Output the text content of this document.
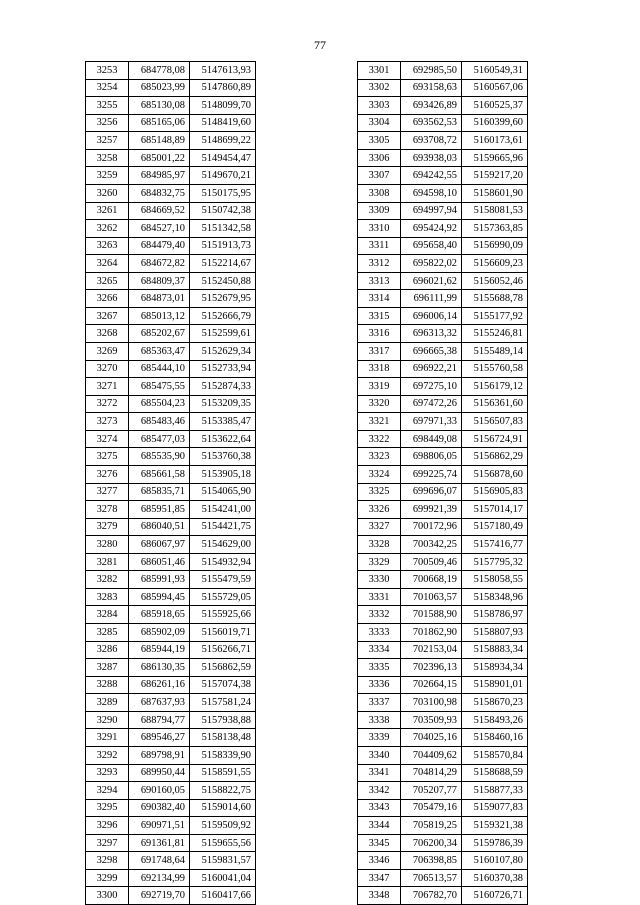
77
3253	684778,08	5147613,93
3254	685023,99	5147860,89
3255	685130,08	5148099,70
3256	685165,06	5148419,60
3257	685148,89	5148699,22
3258	685001,22	5149454,47
3259	684985,97	5149670,21
3260	684832,75	5150175,95
3261	684669,52	5150742,38
3262	684527,10	5151342,58
3263	684479,40	5151913,73
3264	684672,82	5152214,67
3265	684809,37	5152450,88
3266	684873,01	5152679,95
3267	685013,12	5152666,79
3268	685202,67	5152599,61
3269	685363,47	5152629,34
3270	685444,10	5152733,94
3271	685475,55	5152874,33
3272	685504,23	5153209,35
3273	685483,46	5153385,47
3274	685477,03	5153622,64
3275	685535,90	5153760,38
3276	685661,58	5153905,18
3277	685835,71	5154065,90
3278	685951,85	5154241,00
3279	686040,51	5154421,75
3280	686067,97	5154629,00
3281	686051,46	5154932,94
3282	685991,93	5155479,59
3283	685994,45	5155729,05
3284	685918,65	5155925,66
3285	685902,09	5156019,71
3286	685944,19	5156266,71
3287	686130,35	5156862,59
3288	686261,16	5157074,38
3289	687637,93	5157581,24
3290	688794,77	5157938,88
3291	689546,27	5158138,48
3292	689798,91	5158339,90
3293	689950,44	5158591,55
3294	690160,05	5158822,75
3295	690382,40	5159014,60
3296	690971,51	5159509,92
3297	691361,81	5159655,56
3298	691748,64	5159831,57
3299	692134,99	5160041,04
3300	692719,70	5160417,66
3301	692985,50	5160549,31
3302	693158,63	5160567,06
3303	693426,89	5160525,37
3304	693562,53	5160399,60
3305	693708,72	5160173,61
3306	693938,03	5159665,96
3307	694242,55	5159217,20
3308	694598,10	5158601,90
3309	694997,94	5158081,53
3310	695424,92	5157363,85
3311	695658,40	5156990,09
3312	695822,02	5156609,23
3313	696021,62	5156052,46
3314	696111,99	5155688,78
3315	696006,14	5155177,92
3316	696313,32	5155246,81
3317	696665,38	5155489,14
3318	696922,21	5155760,58
3319	697275,10	5156179,12
3320	697472,26	5156361,60
3321	697971,33	5156507,83
3322	698449,08	5156724,91
3323	698806,05	5156862,29
3324	699225,74	5156878,60
3325	699696,07	5156905,83
3326	699921,39	5157014,17
3327	700172,96	5157180,49
3328	700342,25	5157416,77
3329	700509,46	5157795,32
3330	700668,19	5158058,55
3331	701063,57	5158348,96
3332	701588,90	5158786,97
3333	701862,90	5158807,93
3334	702153,04	5158883,34
3335	702396,13	5158934,34
3336	702664,15	5158901,01
3337	703100,98	5158670,23
3338	703509,93	5158493,26
3339	704025,16	5158460,16
3340	704409,62	5158570,84
3341	704814,29	5158688,59
3342	705207,77	5158877,33
3343	705479,16	5159077,83
3344	705819,25	5159321,38
3345	706200,34	5159786,39
3346	706398,85	5160107,80
3347	706513,57	5160370,38
3348	706782,70	5160726,71
